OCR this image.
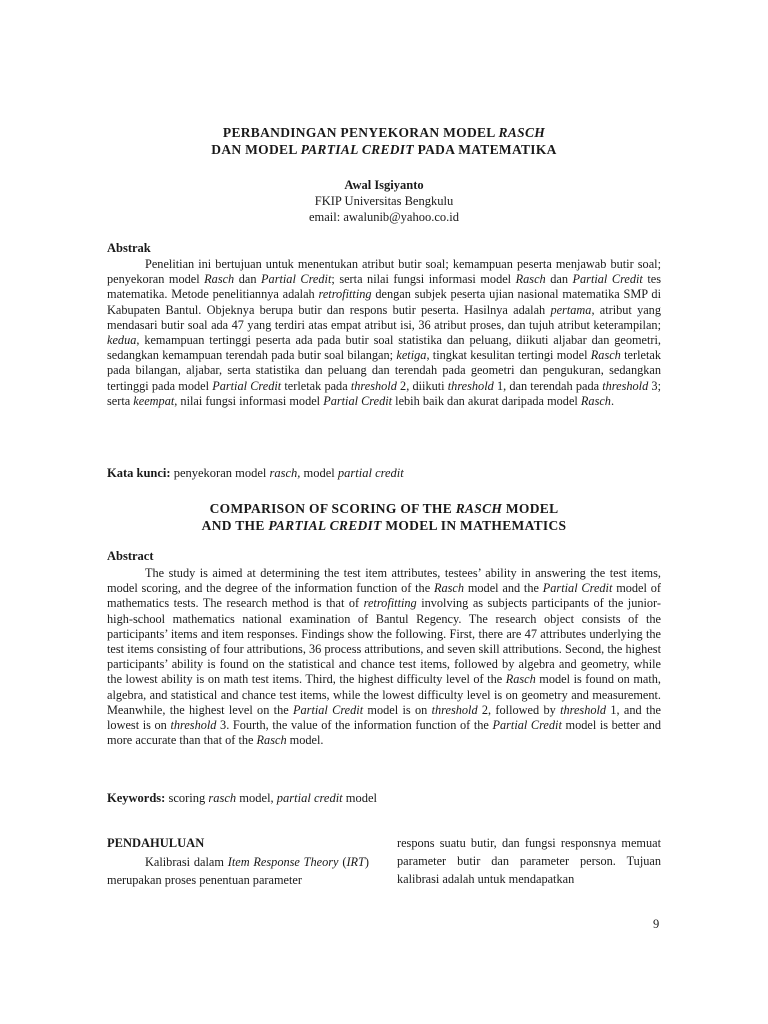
PERBANDINGAN PENYEKORAN MODEL RASCH
DAN MODEL PARTIAL CREDIT PADA MATEMATIKA
Awal Isgiyanto
FKIP Universitas Bengkulu
email: awalunib@yahoo.co.id
Abstrak

Penelitian ini bertujuan untuk menentukan atribut butir soal; kemampuan peserta menjawab butir soal; penyekoran model Rasch dan Partial Credit; serta nilai fungsi informasi model Rasch dan Partial Credit tes matematika. Metode penelitiannya adalah retrofitting dengan subjek peserta ujian nasional matematika SMP di Kabupaten Bantul. Objeknya berupa butir dan respons butir peserta. Hasilnya adalah pertama, atribut yang mendasari butir soal ada 47 yang terdiri atas empat atribut isi, 36 atribut proses, dan tujuh atribut keterampilan; kedua, kemampuan tertinggi peserta ada pada butir soal statistika dan peluang, diikuti aljabar dan geometri, sedangkan kemampuan terendah pada butir soal bilangan; ketiga, tingkat kesulitan tertingi model Rasch terletak pada bilangan, aljabar, serta statistika dan peluang dan terendah pada geometri dan pengukuran, sedangkan tertinggi pada model Partial Credit terletak pada threshold 2, diikuti threshold 1, dan terendah pada threshold 3; serta keempat, nilai fungsi informasi model Partial Credit lebih baik dan akurat daripada model Rasch.

Kata kunci: penyekoran model rasch, model partial credit
COMPARISON OF SCORING OF THE RASCH MODEL
AND THE PARTIAL CREDIT MODEL IN MATHEMATICS
Abstract

The study is aimed at determining the test item attributes, testees’ ability in answering the test items, model scoring, and the degree of the information function of the Rasch model and the Partial Credit model of mathematics tests. The research method is that of retrofitting involving as subjects participants of the junior-high-school mathematics national examination of Bantul Regency. The research object consists of the participants’ items and item responses. Findings show the following. First, there are 47 attributes underlying the test items consisting of four attributions, 36 process attributions, and seven skill attributions. Second, the highest participants’ ability is found on the statistical and chance test items, followed by algebra and geometry, while the lowest ability is on math test items. Third, the highest difficulty level of the Rasch model is found on math, algebra, and statistical and chance test items, while the lowest difficulty level is on geometry and measurement. Meanwhile, the highest level on the Partial Credit model is on threshold 2, followed by threshold 1, and the lowest is on threshold 3. Fourth, the value of the information function of the Partial Credit model is better and more accurate than that of the Rasch model.

Keywords: scoring rasch model, partial credit model
PENDAHULUAN
Kalibrasi dalam Item Response Theory (IRT) merupakan proses penentuan parameter
respons suatu butir, dan fungsi responsnya memuat parameter butir dan parameter person. Tujuan kalibrasi adalah untuk mendapatkan
9
